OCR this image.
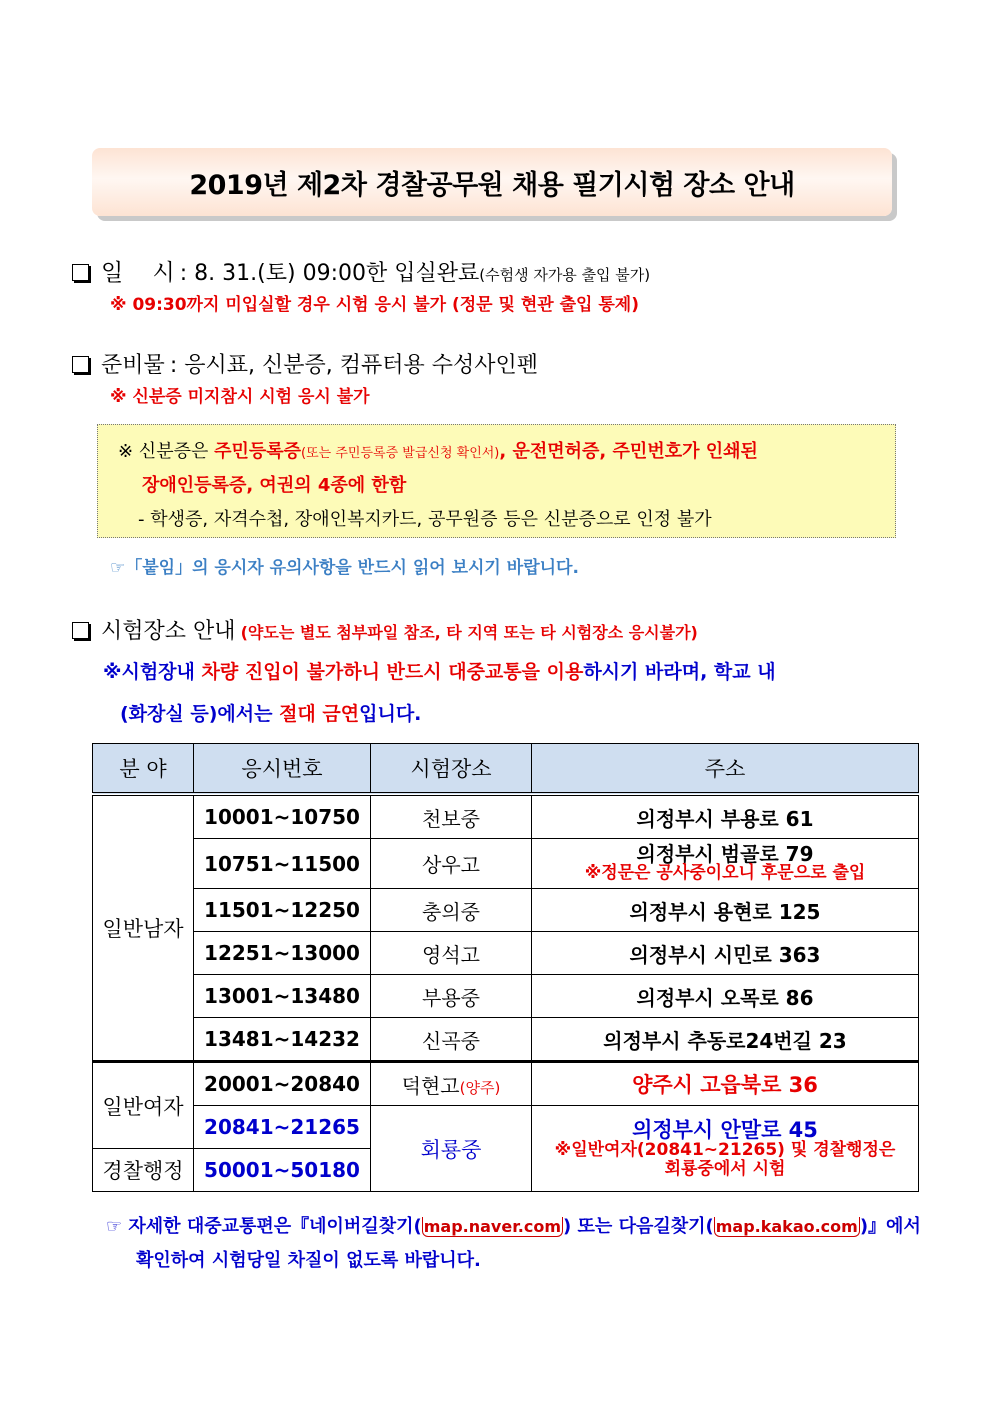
2019년 제2차 경찰공무원 채용 필기시험 장소 안내
일    시 : 8. 31.(토) 09:00한 입실완료(수험생 자가용 출입 불가)
※ 09:30까지 미입실할 경우 시험 응시 불가 (정문 및 현관 출입 통제)
준비물 : 응시표, 신분증, 컴퓨터용 수성사인펜
※ 신분증 미지참시 시험 응시 불가
※ 신분증은 주민등록증(또는 주민등록증 발급신청 확인서), 운전면허증, 주민번호가 인쇄된
장애인등록증, 여권의 4종에 한함
- 학생증, 자격수첩, 장애인복지카드, 공무원증 등은 신분증으로 인정 불가
☞「붙임」의 응시자 유의사항을 반드시 읽어 보시기 바랍니다.
시험장소 안내 (약도는 별도 첨부파일 참조, 타 지역 또는 타 시험장소 응시불가)
※시험장내 차량 진입이 불가하니 반드시 대중교통을 이용하시기 바라며, 학교 내
(화장실 등)에서는 절대 금연입니다.
분 야	응시번호	시험장소	주소
일반남자	10001~10750	천보중	의정부시 부용로 61
	10751~11500	상우고	의정부시 범골로 79
※정문은 공사중이오니 후문으로 출입

	11501~12250	충의중	의정부시 용현로 125
	12251~13000	영석고	의정부시 시민로 363
	13001~13480	부용중	의정부시 오목로 86
	13481~14232	신곡중	의정부시 추동로24번길 23
일반여자	20001~20840	덕현고(양주)	양주시 고읍북로 36
	20841~21265	회룡중	의정부시 안말로 45
※일반여자(20841~21265) 및 경찰행정은 회룡중에서 시험

경찰행정	50001~50180		
☞ 자세한 대중교통편은『네이버길찾기( map.naver.com ) 또는 다음길찾기( map.kakao.com )』에서
확인하여 시험당일 차질이 없도록 바랍니다.
